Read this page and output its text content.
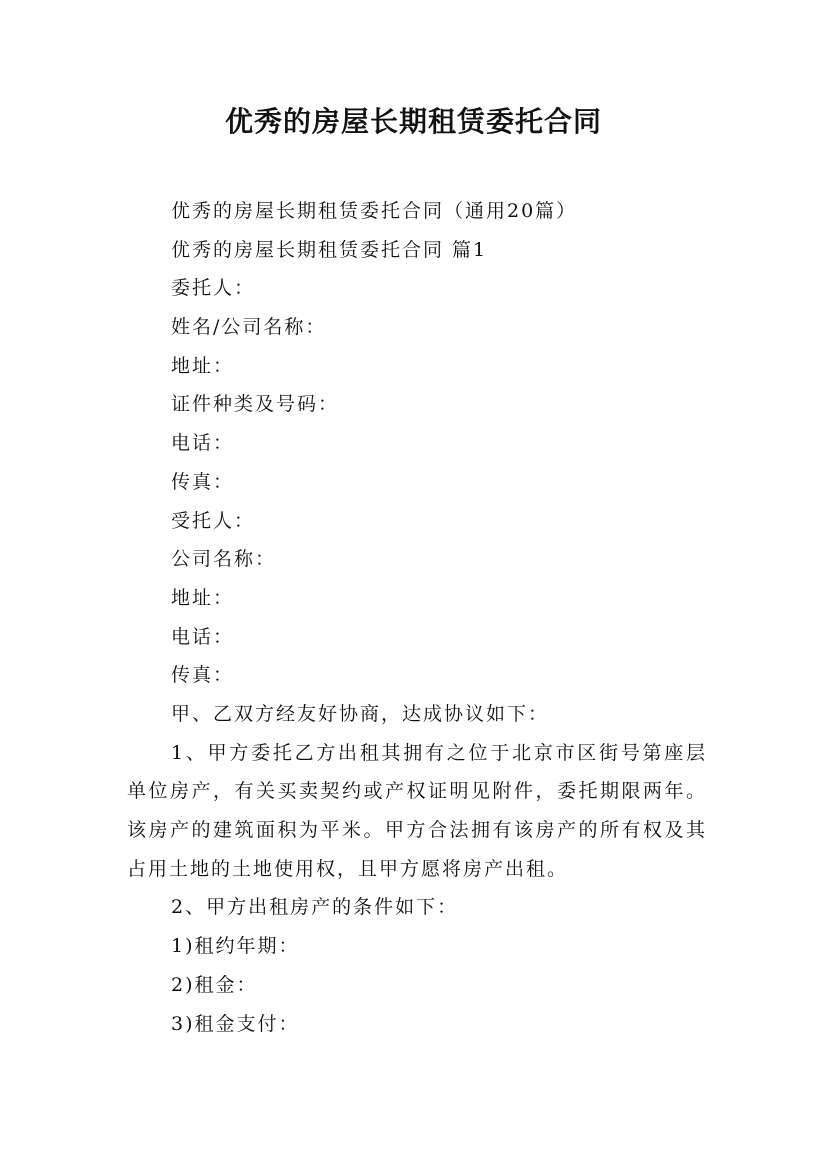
优秀的房屋长期租赁委托合同

优秀的房屋长期租赁委托合同（通用20篇）

优秀的房屋长期租赁委托合同 篇1

委托人：

姓名/公司名称：

地址：

证件种类及号码：

电话：

传真：

受托人：

公司名称：

地址：

电话：

传真：

甲、乙双方经友好协商，达成协议如下：

1、甲方委托乙方出租其拥有之位于北京市区街号第座层单位房产，有关买卖契约或产权证明见附件，委托期限两年。该房产的建筑面积为平米。甲方合法拥有该房产的所有权及其占用土地的土地使用权，且甲方愿将房产出租。

2、甲方出租房产的条件如下：

1)租约年期：

2)租金：

3)租金支付：
